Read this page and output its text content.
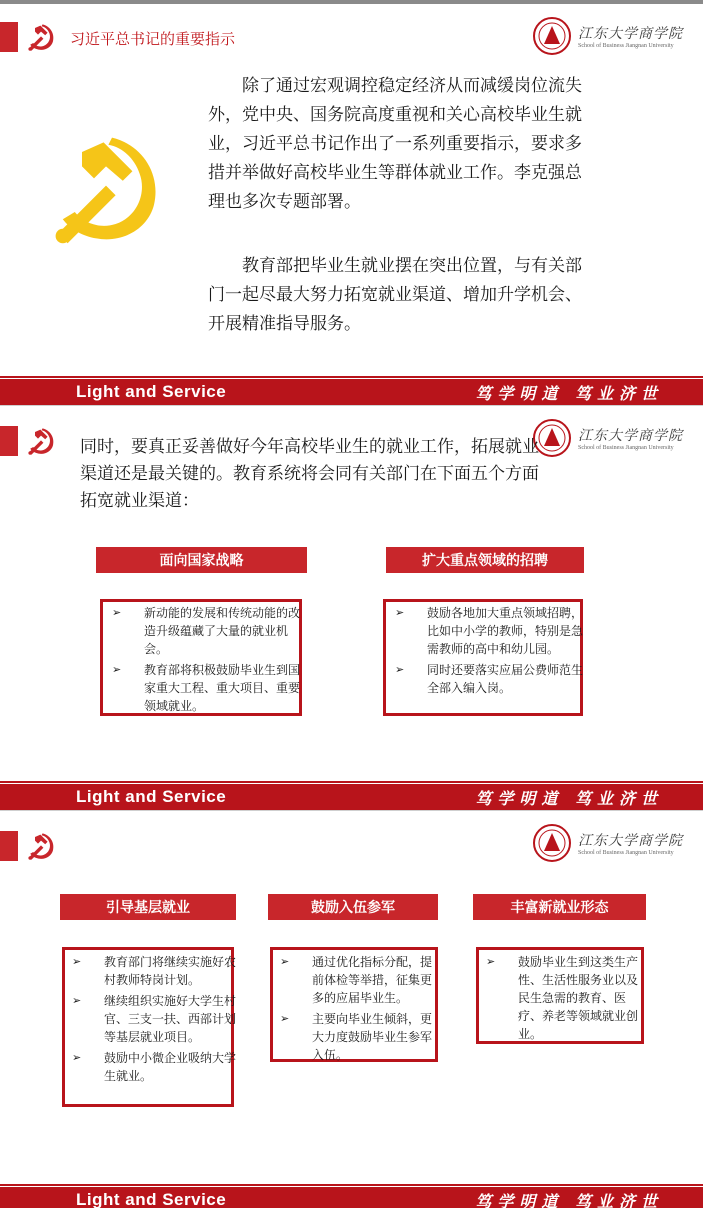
习近平总书记的重要指示	江东大学商学院
School of Business Jiangnan University

除了通过宏观调控稳定经济从而减缓岗位流失外，党中央、国务院高度重视和关心高校毕业生就业，习近平总书记作出了一系列重要指示，要求多措并举做好高校毕业生等群体就业工作。李克强总理也多次专题部署。

教育部把毕业生就业摆在突出位置，与有关部门一起尽最大努力拓宽就业渠道、增加升学机会、开展精准指导服务。

Light and Service	笃学明道 笃业济世
江东大学商学院
School of Business Jiangnan University

同时，要真正妥善做好今年高校毕业生的就业工作，拓展就业渠道还是最关键的。教育系统将会同有关部门在下面五个方面拓宽就业渠道：

面向国家战略
➢ 新动能的发展和传统动能的改造升级蕴藏了大量的就业机会。
➢ 教育部将积极鼓励毕业生到国家重大工程、重大项目、重要领域就业。
扩大重点领域的招聘
➢ 鼓励各地加大重点领域招聘，比如中小学的教师，特别是急需教师的高中和幼儿园。
➢ 同时还要落实应届公费师范生全部入编入岗。
Light and Service	笃学明道 笃业济世
江东大学商学院
School of Business Jiangnan University
引导基层就业
➢ 教育部门将继续实施好农村教师特岗计划。
➢ 继续组织实施好大学生村官、三支一扶、西部计划等基层就业项目。
➢ 鼓励中小微企业吸纳大学生就业。
鼓励入伍参军
➢ 通过优化指标分配，提前体检等举措，征集更多的应届毕业生。
➢ 主要向毕业生倾斜，更大力度鼓励毕业生参军入伍。
丰富新就业形态
➢ 鼓励毕业生到这类生产性、生活性服务业以及民生急需的教育、医疗、养老等领域就业创业。
Light and Service	笃学明道 笃业济世
